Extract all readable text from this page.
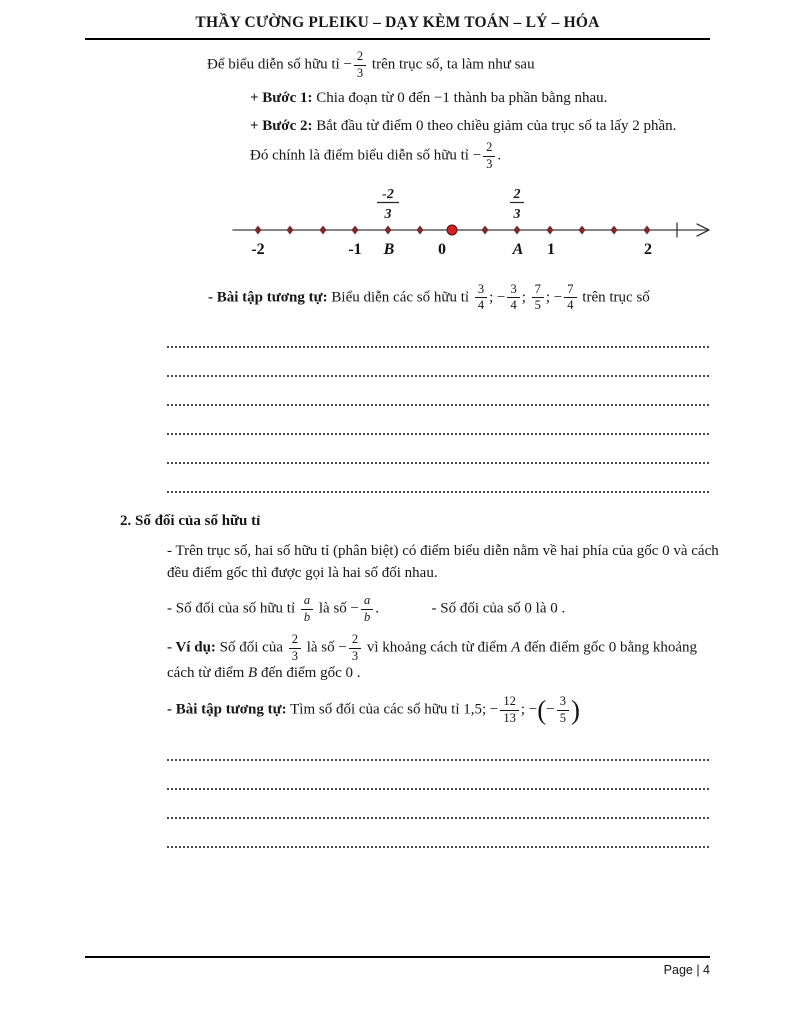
THẦY CƯỜNG PLEIKU – DẠY KÈM TOÁN – LÝ – HÓA

Để biểu diễn số hữu tỉ − $\frac{2}{3}$ trên trục số, ta làm như sau

+ Bước 1: Chia đoạn từ 0 đến −1 thành ba phần bằng nhau.

+ Bước 2: Bắt đầu từ điểm 0 theo chiều giảm của trục số ta lấy 2 phần.

Đó chính là điểm biểu diễn số hữu tỉ − $\frac{2}{3}$ .

-2
3
2
3
-2	-1 B	0	A 1	2

- Bài tập tương tự: Biểu diễn các số hữu tỉ $\frac{3}{4}$ ; − $\frac{3}{4}$ ; $\frac{7}{5}$ ; − $\frac{7}{4}$ trên trục số

2. Số đối của số hữu tỉ

- Trên trục số, hai số hữu tỉ (phân biệt) có điểm biểu diễn nằm về hai phía của gốc 0 và cách đều điểm gốc thì được gọi là hai số đối nhau.

- Số đối của số hữu tỉ $\frac{a}{b}$ là số − $\frac{a}{b}$ .	- Số đối của số 0 là 0 .

- Ví dụ: Số đối của $\frac{2}{3}$ là số − $\frac{2}{3}$ vì khoảng cách từ điểm A đến điểm gốc 0 bằng khoảng cách từ điểm B đến điểm gốc 0 .

- Bài tập tương tự: Tìm số đối của các số hữu tỉ 1,5; − $\frac{12}{13}$ ; −(− $\frac{3}{5}$ )

Page | 4
